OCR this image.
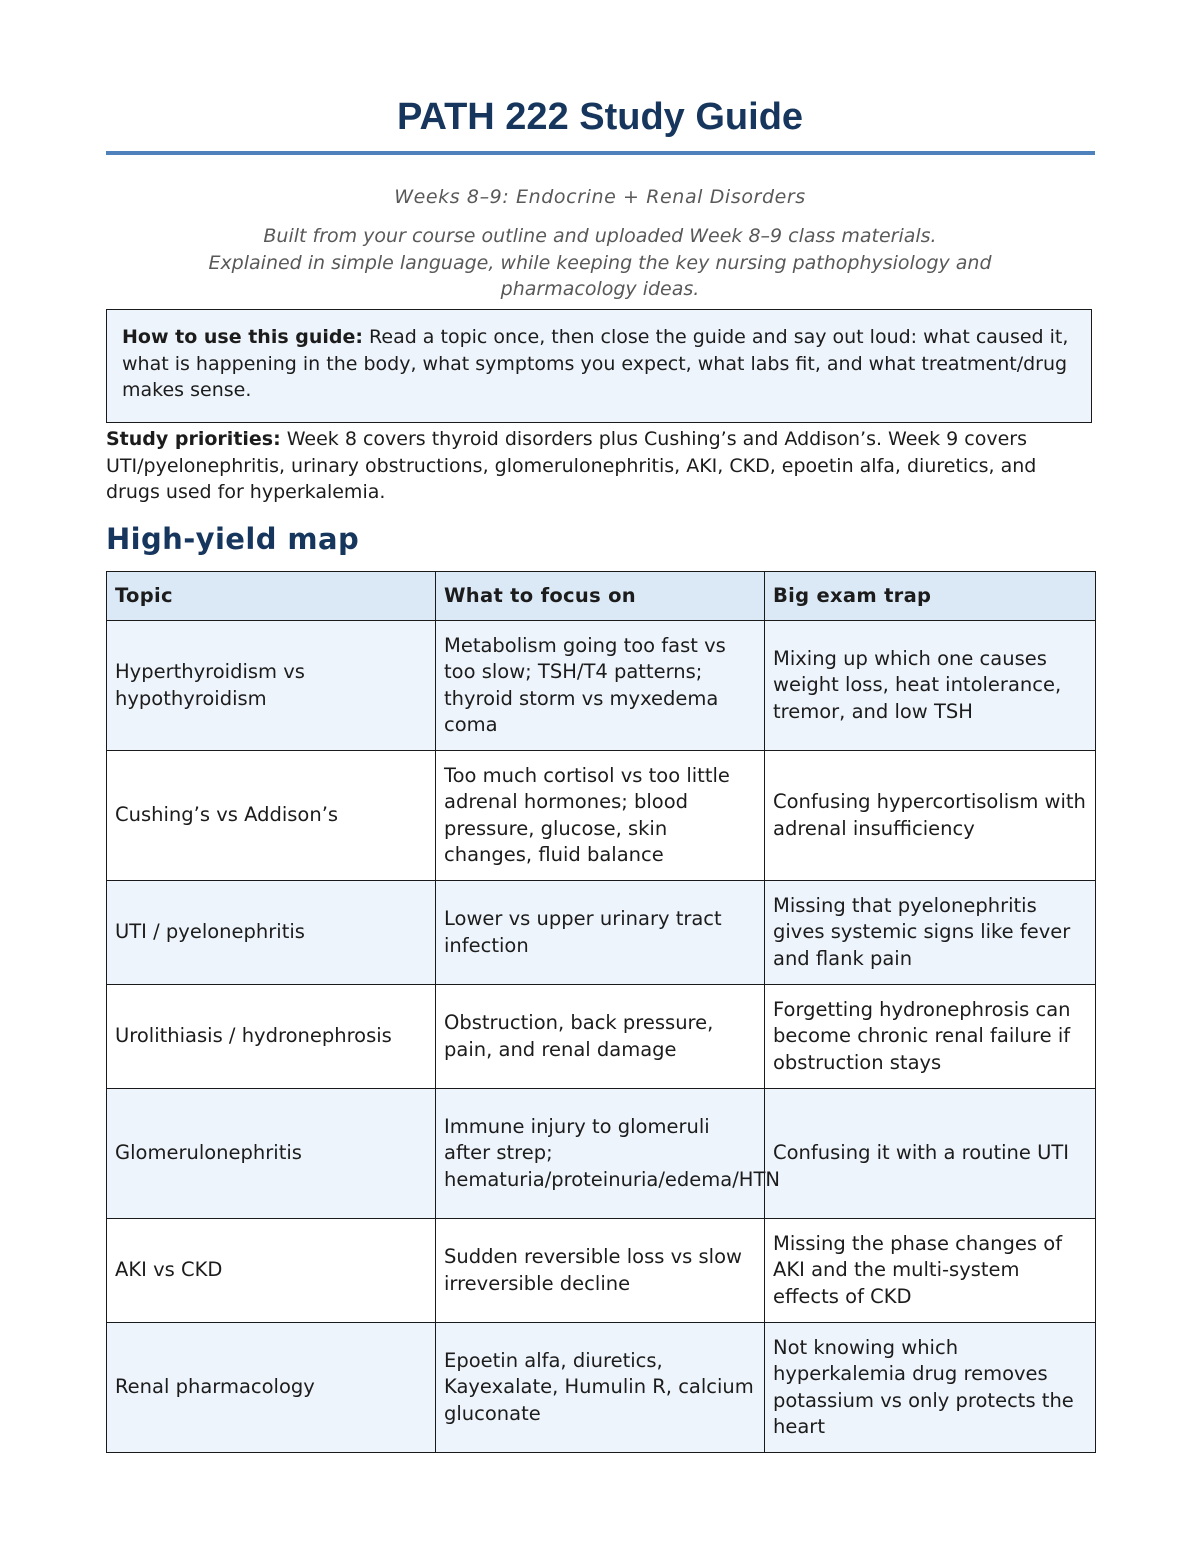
PATH 222 Study Guide
Weeks 8–9: Endocrine + Renal Disorders
Built from your course outline and uploaded Week 8–9 class materials.
Explained in simple language, while keeping the key nursing pathophysiology and
pharmacology ideas.
How to use this guide: Read a topic once, then close the guide and say out loud: what caused it, what is happening in the body, what symptoms you expect, what labs fit, and what treatment/drug makes sense.
Study priorities: Week 8 covers thyroid disorders plus Cushing’s and Addison’s. Week 9 covers UTI/pyelonephritis, urinary obstructions, glomerulonephritis, AKI, CKD, epoetin alfa, diuretics, and drugs used for hyperkalemia.
High-yield map
Topic	What to focus on	Big exam trap
Hyperthyroidism vs hypothyroidism	Metabolism going too fast vs too slow; TSH/T4 patterns; thyroid storm vs myxedema coma	Mixing up which one causes weight loss, heat intolerance, tremor, and low TSH
Cushing’s vs Addison’s	Too much cortisol vs too little adrenal hormones; blood pressure, glucose, skin changes, fluid balance	Confusing hypercortisolism with adrenal insufficiency
UTI / pyelonephritis	Lower vs upper urinary tract infection	Missing that pyelonephritis gives systemic signs like fever and flank pain
Urolithiasis / hydronephrosis	Obstruction, back pressure, pain, and renal damage	Forgetting hydronephrosis can become chronic renal failure if obstruction stays
Glomerulonephritis	Immune injury to glomeruli after strep; hematuria/proteinuria/edema/HTN	Confusing it with a routine UTI
AKI vs CKD	Sudden reversible loss vs slow irreversible decline	Missing the phase changes of AKI and the multi-system effects of CKD
Renal pharmacology	Epoetin alfa, diuretics, Kayexalate, Humulin R, calcium gluconate	Not knowing which hyperkalemia drug removes potassium vs only protects the heart
